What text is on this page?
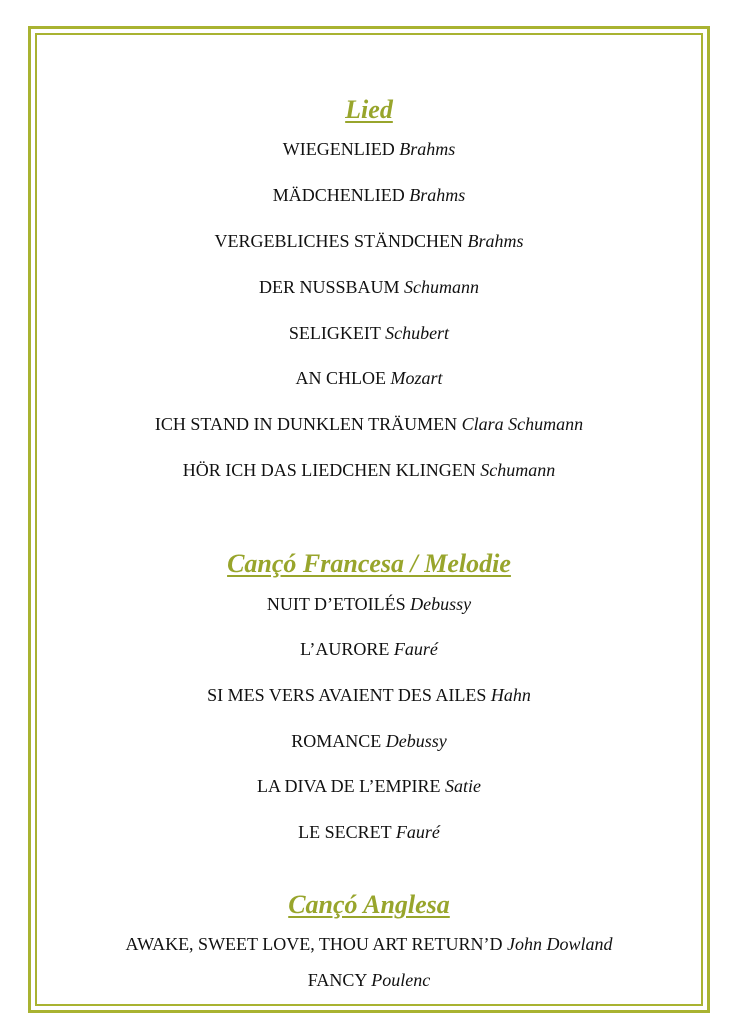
Lied
WIEGENLIED Brahms
MÄDCHENLIED Brahms
VERGEBLICHES STÄNDCHEN Brahms
DER NUSSBAUM Schumann
SELIGKEIT Schubert
AN CHLOE Mozart
ICH STAND IN DUNKLEN TRÄUMEN Clara Schumann
HÖR ICH DAS LIEDCHEN KLINGEN Schumann
Cançó Francesa / Melodie
NUIT D’ETOILÉS Debussy
L’AURORE Fauré
SI MES VERS AVAIENT DES AILES Hahn
ROMANCE Debussy
LA DIVA DE L’EMPIRE Satie
LE SECRET Fauré
Cançó Anglesa
AWAKE, SWEET LOVE, THOU ART RETURN’D John Dowland
FANCY Poulenc
